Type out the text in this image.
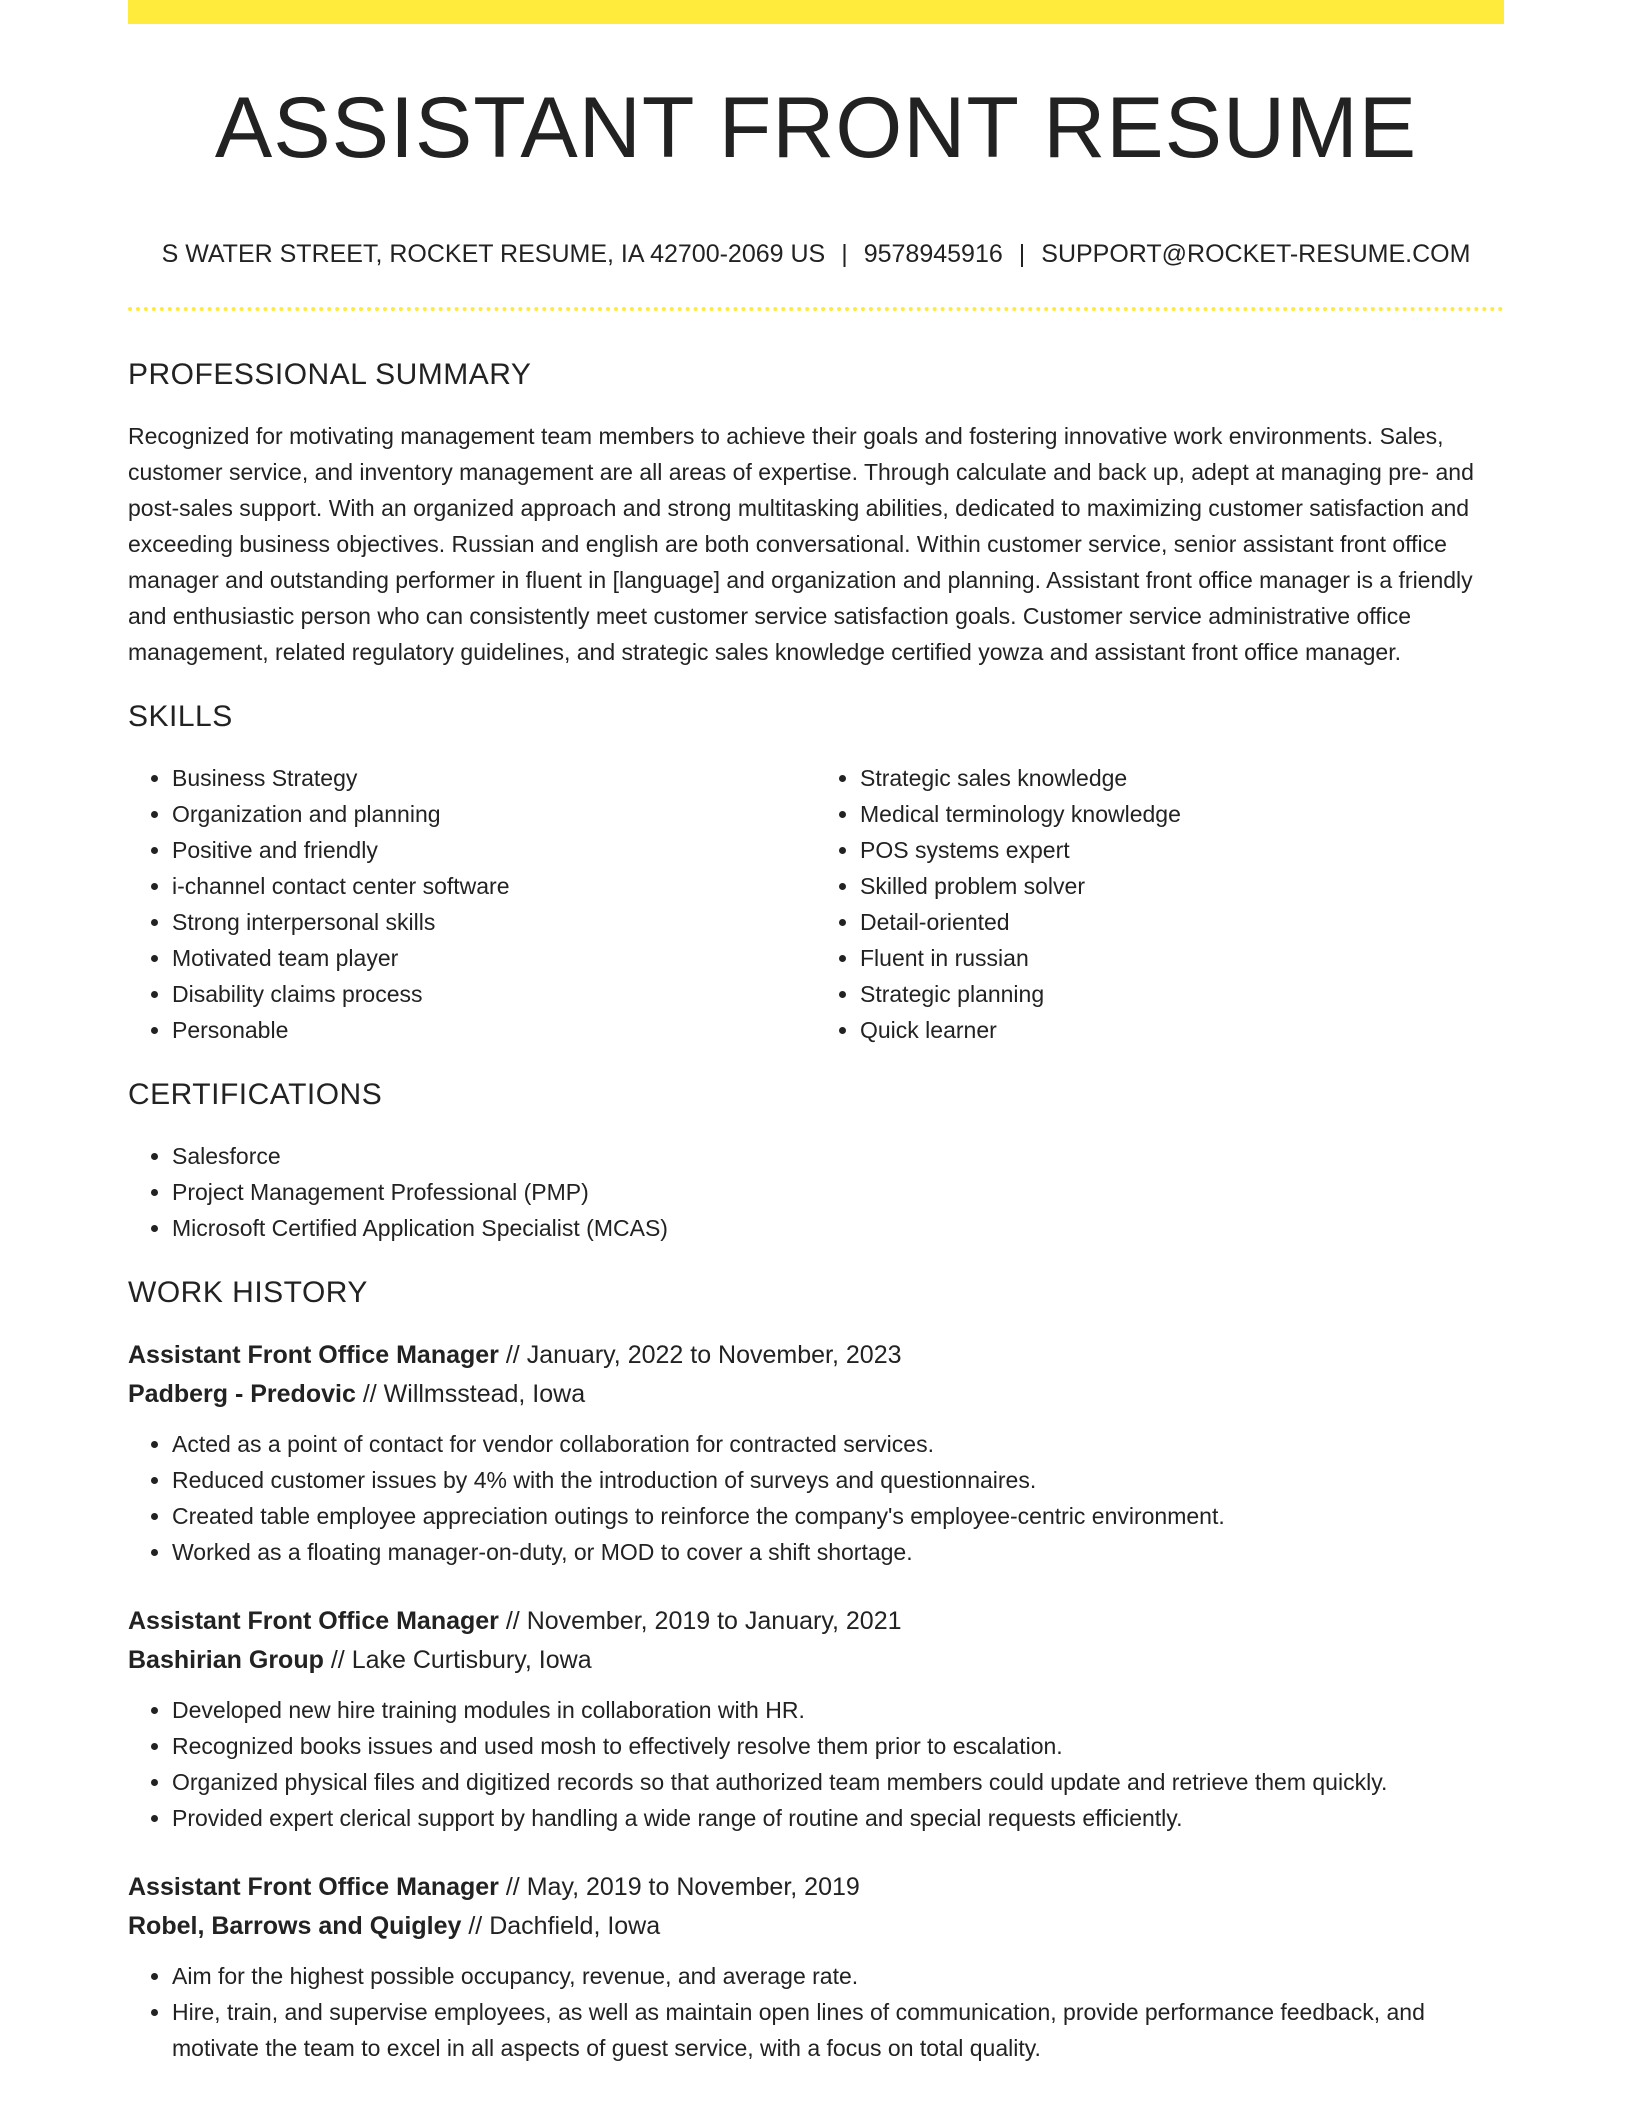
ASSISTANT FRONT RESUME
S WATER STREET, ROCKET RESUME, IA 42700-2069 US | 9578945916 | SUPPORT@ROCKET-RESUME.COM
PROFESSIONAL SUMMARY

Recognized for motivating management team members to achieve their goals and fostering innovative work environments. Sales, customer service, and inventory management are all areas of expertise. Through calculate and back up, adept at managing pre- and post-sales support. With an organized approach and strong multitasking abilities, dedicated to maximizing customer satisfaction and exceeding business objectives. Russian and english are both conversational. Within customer service, senior assistant front office manager and outstanding performer in fluent in [language] and organization and planning. Assistant front office manager is a friendly and enthusiastic person who can consistently meet customer service satisfaction goals. Customer service administrative office management, related regulatory guidelines, and strategic sales knowledge certified yowza and assistant front office manager.

SKILLS
• Business Strategy
• Organization and planning
• Positive and friendly
• i-channel contact center software
• Strong interpersonal skills
• Motivated team player
• Disability claims process
• Personable
• Strategic sales knowledge
• Medical terminology knowledge
• POS systems expert
• Skilled problem solver
• Detail-oriented
• Fluent in russian
• Strategic planning
• Quick learner
CERTIFICATIONS
• Salesforce
• Project Management Professional (PMP)
• Microsoft Certified Application Specialist (MCAS)
WORK HISTORY
Assistant Front Office Manager // January, 2022 to November, 2023
Padberg - Predovic // Willmsstead, Iowa
• Acted as a point of contact for vendor collaboration for contracted services.
• Reduced customer issues by 4% with the introduction of surveys and questionnaires.
• Created table employee appreciation outings to reinforce the company's employee-centric environment.
• Worked as a floating manager-on-duty, or MOD to cover a shift shortage.
Assistant Front Office Manager // November, 2019 to January, 2021
Bashirian Group // Lake Curtisbury, Iowa
• Developed new hire training modules in collaboration with HR.
• Recognized books issues and used mosh to effectively resolve them prior to escalation.
• Organized physical files and digitized records so that authorized team members could update and retrieve them quickly.
• Provided expert clerical support by handling a wide range of routine and special requests efficiently.
Assistant Front Office Manager // May, 2019 to November, 2019
Robel, Barrows and Quigley // Dachfield, Iowa
• Aim for the highest possible occupancy, revenue, and average rate.
• Hire, train, and supervise employees, as well as maintain open lines of communication, provide performance feedback, and motivate the team to excel in all aspects of guest service, with a focus on total quality.
